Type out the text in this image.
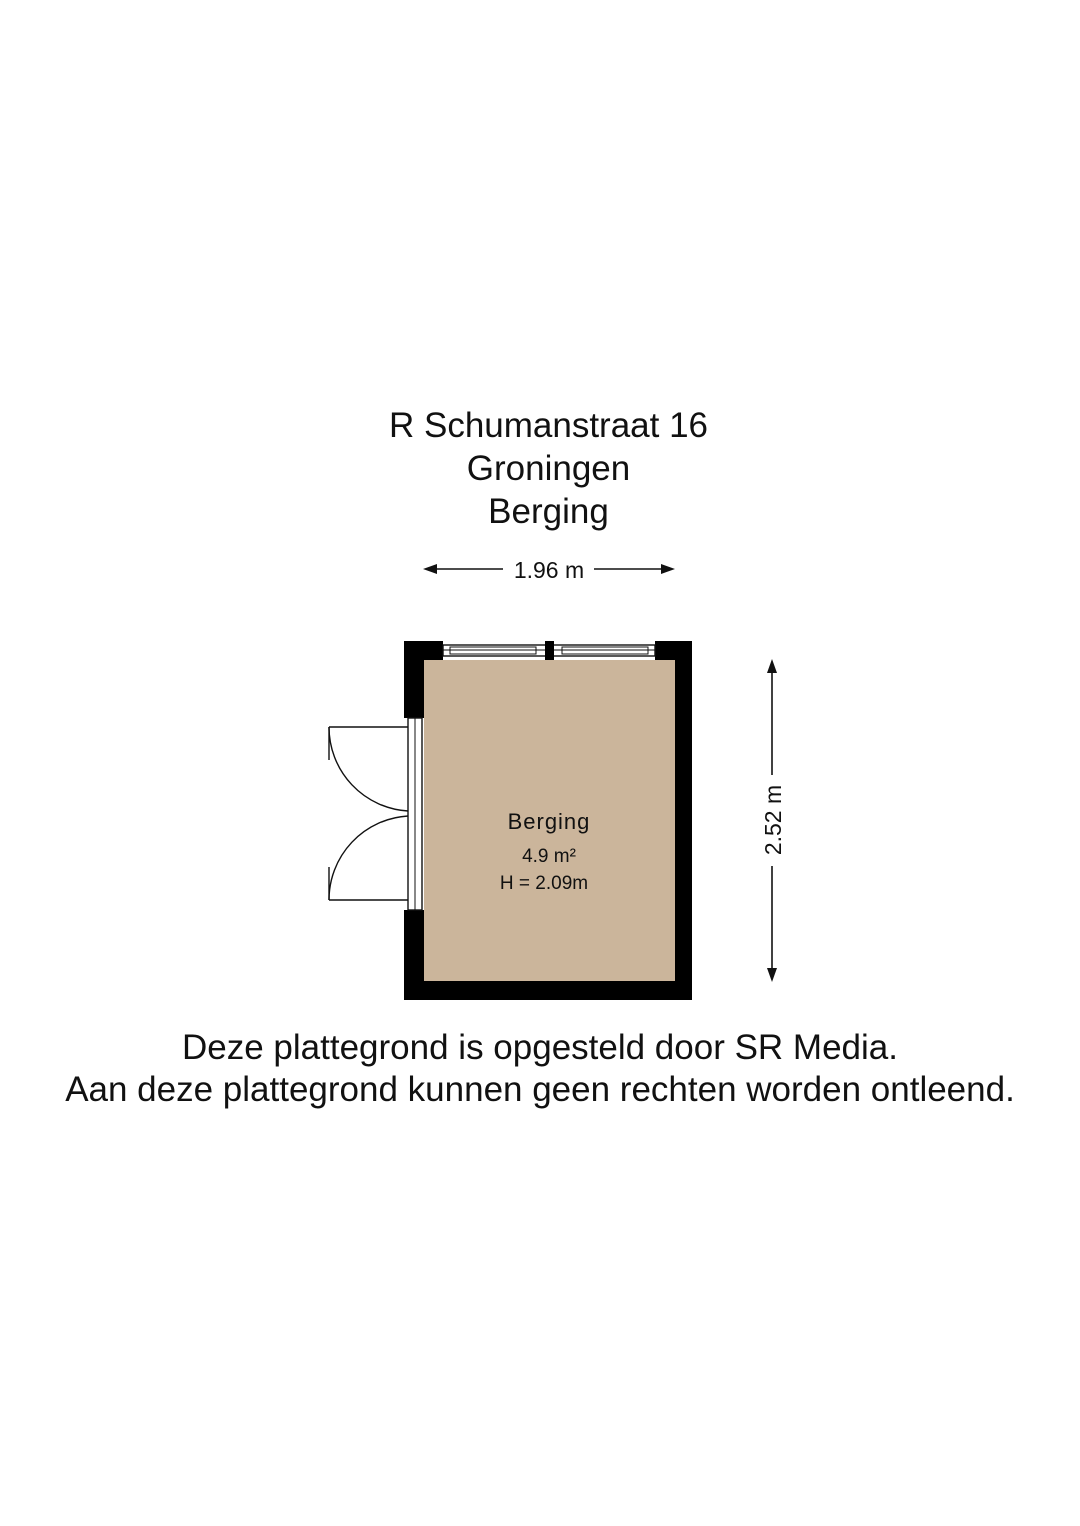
R Schumanstraat 16
Groningen
Berging
1.96 m
2.52 m
Berging
4.9 m²
H = 2.09m
Deze plattegrond is opgesteld door SR Media.
Aan deze plattegrond kunnen geen rechten worden ontleend.
